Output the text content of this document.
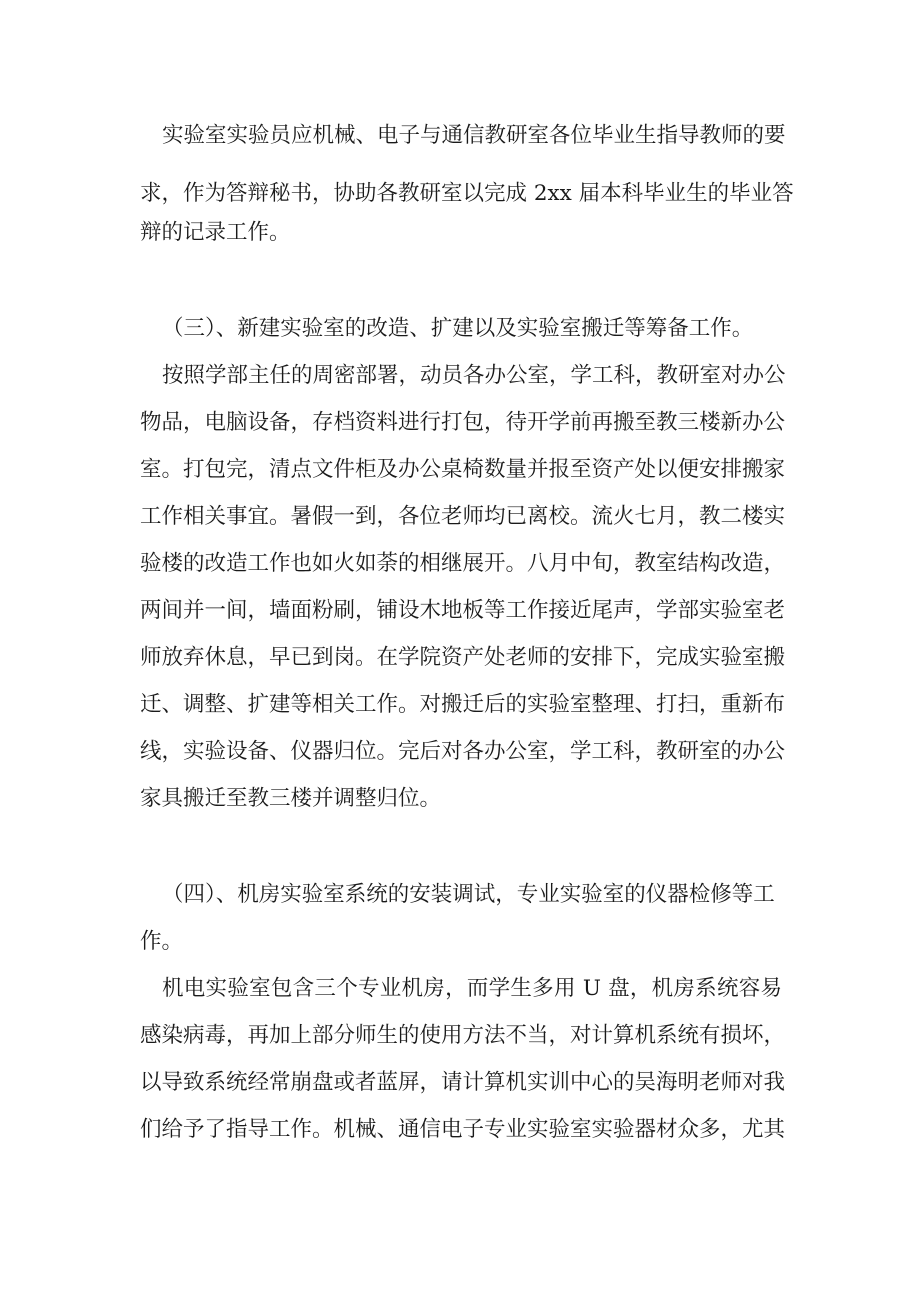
实验室实验员应机械、电子与通信教研室各位毕业生指导教师的要
求，作为答辩秘书，协助各教研室以完成 2xx 届本科毕业生的毕业答
辩的记录工作。
（三）、新建实验室的改造、扩建以及实验室搬迁等筹备工作。
按照学部主任的周密部署，动员各办公室，学工科，教研室对办公
物品，电脑设备，存档资料进行打包，待开学前再搬至教三楼新办公
室。打包完，清点文件柜及办公桌椅数量并报至资产处以便安排搬家
工作相关事宜。暑假一到，各位老师均已离校。流火七月，教二楼实
验楼的改造工作也如火如荼的相继展开。八月中旬，教室结构改造，
两间并一间，墙面粉刷，铺设木地板等工作接近尾声，学部实验室老
师放弃休息，早已到岗。在学院资产处老师的安排下，完成实验室搬
迁、调整、扩建等相关工作。对搬迁后的实验室整理、打扫，重新布
线，实验设备、仪器归位。完后对各办公室，学工科，教研室的办公
家具搬迁至教三楼并调整归位。
（四）、机房实验室系统的安装调试，专业实验室的仪器检修等工
作。
机电实验室包含三个专业机房，而学生多用 U 盘，机房系统容易
感染病毒，再加上部分师生的使用方法不当，对计算机系统有损坏，
以导致系统经常崩盘或者蓝屏，请计算机实训中心的吴海明老师对我
们给予了指导工作。机械、通信电子专业实验室实验器材众多，尤其
